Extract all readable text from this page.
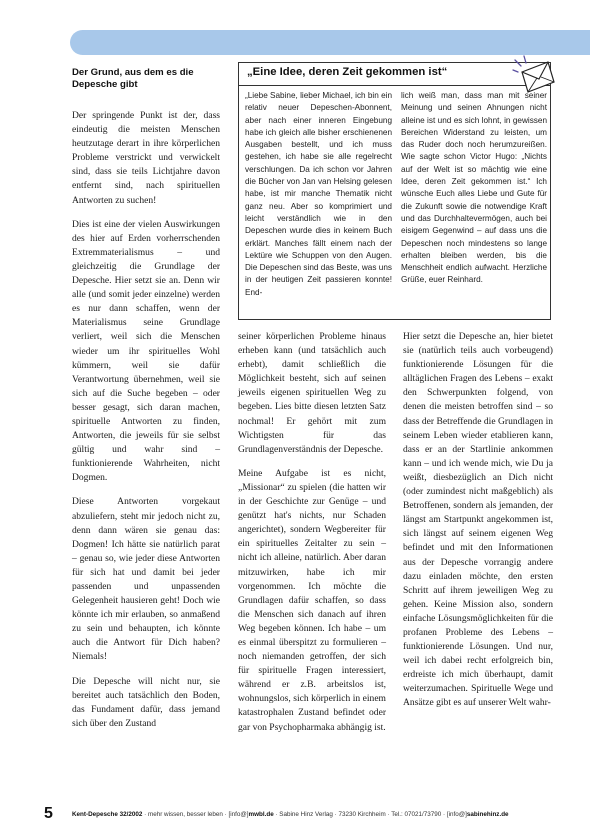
Der Grund, aus dem es die Depesche gibt

Der springende Punkt ist der, dass eindeutig die meisten Menschen heutzutage derart in ihre körperlichen Probleme verstrickt und verwickelt sind, dass sie teils Lichtjahre davon entfernt sind, nach spirituellen Antworten zu suchen!

Dies ist eine der vielen Auswirkungen des hier auf Erden vorherrschenden Extremmaterialismus – und gleichzeitig die Grundlage der Depesche. Hier setzt sie an. Denn wir alle (und somit jeder einzelne) werden es nur dann schaffen, wenn der Materialismus seine Grundlage verliert, weil sich die Menschen wieder um ihr spirituelles Wohl kümmern, weil sie dafür Verantwortung übernehmen, weil sie sich auf die Suche begeben – oder besser gesagt, sich daran machen, spirituelle Antworten zu finden, Antworten, die jeweils für sie selbst gültig und wahr sind – funktionierende Wahrheiten, nicht Dogmen.

Diese Antworten vorgekaut abzuliefern, steht mir jedoch nicht zu, denn dann wären sie genau das: Dogmen! Ich hätte sie natürlich parat – genau so, wie jeder diese Antworten für sich hat und damit bei jeder passenden und unpassenden Gelegenheit hausieren geht! Doch wie könnte ich mir erlauben, so anmaßend zu sein und behaupten, ich könnte auch die Antwort für Dich haben? Niemals!

Die Depesche will nicht nur, sie bereitet auch tatsächlich den Boden, das Fundament dafür, dass jemand sich über den Zustand

„Eine Idee, deren Zeit gekommen ist“
„Liebe Sabine, lieber Michael, ich bin ein relativ neuer Depeschen-Abonnent, aber nach einer inneren Eingebung habe ich gleich alle bisher erschienenen Ausgaben bestellt, und ich muss gestehen, ich habe sie alle regelrecht verschlungen. Da ich schon vor Jahren die Bücher von Jan van Helsing gelesen habe, ist mir manche Thematik nicht ganz neu. Aber so komprimiert und leicht verständlich wie in den Depeschen wurde dies in keinem Buch erklärt. Manches fällt einem nach der Lektüre wie Schuppen von den Augen. Die Depeschen sind das Beste, was uns in der heutigen Zeit passieren konnte! End-
lich weiß man, dass man mit seiner Meinung und seinen Ahnungen nicht alleine ist und es sich lohnt, in gewissen Bereichen Widerstand zu leisten, um das Ruder doch noch herumzureißen. Wie sagte schon Victor Hugo: „Nichts auf der Welt ist so mächtig wie eine Idee, deren Zeit gekommen ist.“ Ich wünsche Euch alles Liebe und Gute für die Zukunft sowie die notwendige Kraft und das Durchhaltevermögen, auch bei eisigem Gegenwind – auf dass uns die Depeschen noch mindestens so lange erhalten bleiben werden, bis die Menschheit endlich aufwacht. Herzliche Grüße, euer Reinhard.

seiner körperlichen Probleme hinaus erheben kann (und tatsächlich auch erhebt), damit schließlich die Möglichkeit besteht, sich auf seinen jeweils eigenen spirituellen Weg zu begeben. Lies bitte diesen letzten Satz nochmal! Er gehört mit zum Wichtigsten für das Grundlagenverständnis der Depesche.

Meine Aufgabe ist es nicht, „Missionar“ zu spielen (die hatten wir in der Geschichte zur Genüge – und genützt hat's nichts, nur Schaden angerichtet), sondern Wegbereiter für ein spirituelles Zeitalter zu sein – nicht ich alleine, natürlich. Aber daran mitzuwirken, habe ich mir vorgenommen. Ich möchte die Grundlagen dafür schaffen, so dass die Menschen sich danach auf ihren Weg begeben können. Ich habe – um es einmal überspitzt zu formulieren – noch niemanden getroffen, der sich für spirituelle Fragen interessiert, während er z.B. arbeitslos ist, wohnungslos, sich körperlich in einem katastrophalen Zustand befindet oder gar von Psychopharmaka abhängig ist.

Hier setzt die Depesche an, hier bietet sie (natürlich teils auch vorbeugend) funktionierende Lösungen für die alltäglichen Fragen des Lebens – exakt den Schwerpunkten folgend, von denen die meisten betroffen sind – so dass der Betreffende die Grundlagen in seinem Leben wieder etablieren kann, dass er an der Startlinie ankommen kann – und ich wende mich, wie Du ja weißt, diesbezüglich an Dich nicht (oder zumindest nicht maßgeblich) als Betroffenen, sondern als jemanden, der längst am Startpunkt angekommen ist, sich längst auf seinem eigenen Weg befindet und mit den Informationen aus der Depesche vorrangig andere dazu einladen möchte, den ersten Schritt auf ihrem jeweiligen Weg zu gehen. Keine Mission also, sondern einfache Lösungsmöglichkeiten für die profanen Probleme des Lebens – funktionierende Lösungen. Und nur, weil ich dabei recht erfolgreich bin, erdreiste ich mich überhaupt, damit weiterzumachen. Spirituelle Wege und Ansätze gibt es auf unserer Welt wahr-

5	Kent-Depesche 32/2002 · mehr wissen, besser leben · [info@]mwbl.de · Sabine Hinz Verlag · 73230 Kirchheim · Tel.: 07021/73790 · [info@]sabinehinz.de
